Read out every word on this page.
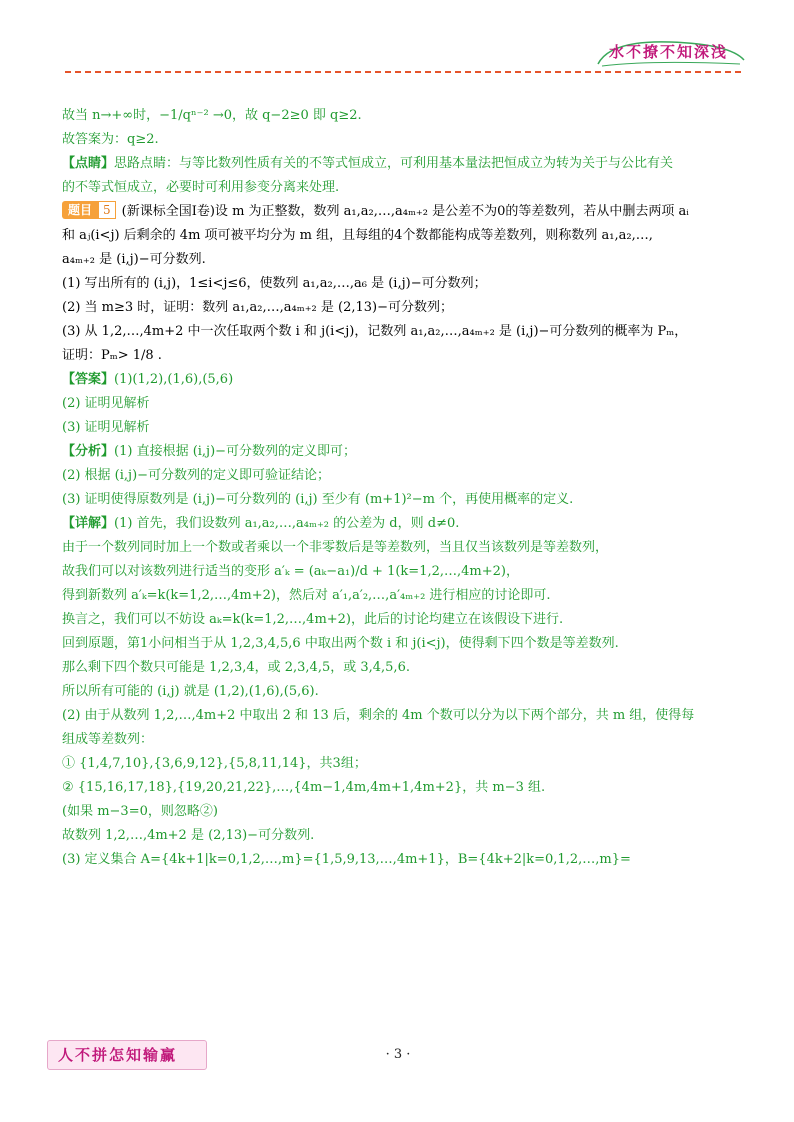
水不撩不知深浅
故当 n→+∞时，−1/qⁿ⁻² →0，故 q−2≥0 即 q≥2.
故答案为：q≥2.
【点睛】思路点睛：与等比数列性质有关的不等式恒成立，可利用基本量法把恒成立为转为关于与公比有关
的不等式恒成立，必要时可利用参变分离来处理.
题目 5 (新课标全国Ⅰ卷)设 m 为正整数，数列 a₁,a₂,…,a₄ₘ₊₂ 是公差不为0的等差数列，若从中删去两项 aᵢ
和 aⱼ(i<j) 后剩余的 4m 项可被平均分为 m 组，且每组的4个数都能构成等差数列，则称数列 a₁,a₂,…,
a₄ₘ₊₂ 是 (i,j)−可分数列.
(1) 写出所有的 (i,j)，1≤i<j≤6，使数列 a₁,a₂,…,a₆ 是 (i,j)−可分数列；
(2) 当 m≥3 时，证明：数列 a₁,a₂,…,a₄ₘ₊₂ 是 (2,13)−可分数列；
(3) 从 1,2,…,4m+2 中一次任取两个数 i 和 j(i<j)，记数列 a₁,a₂,…,a₄ₘ₊₂ 是 (i,j)−可分数列的概率为 Pₘ，
证明：Pₘ> 1/8 .
【答案】(1)(1,2),(1,6),(5,6)
(2) 证明见解析
(3) 证明见解析
【分析】(1) 直接根据 (i,j)−可分数列的定义即可；
(2) 根据 (i,j)−可分数列的定义即可验证结论；
(3) 证明使得原数列是 (i,j)−可分数列的 (i,j) 至少有 (m+1)²−m 个，再使用概率的定义.
【详解】(1) 首先，我们设数列 a₁,a₂,…,a₄ₘ₊₂ 的公差为 d，则 d≠0.
由于一个数列同时加上一个数或者乘以一个非零数后是等差数列，当且仅当该数列是等差数列，
故我们可以对该数列进行适当的变形 a′ₖ = (aₖ−a₁)/d + 1(k=1,2,…,4m+2)，
得到新数列 a′ₖ=k(k=1,2,…,4m+2)，然后对 a′₁,a′₂,…,a′₄ₘ₊₂ 进行相应的讨论即可.
换言之，我们可以不妨设 aₖ=k(k=1,2,…,4m+2)，此后的讨论均建立在该假设下进行.
回到原题，第1小问相当于从 1,2,3,4,5,6 中取出两个数 i 和 j(i<j)，使得剩下四个数是等差数列.
那么剩下四个数只可能是 1,2,3,4，或 2,3,4,5，或 3,4,5,6.
所以所有可能的 (i,j) 就是 (1,2),(1,6),(5,6).
(2) 由于从数列 1,2,…,4m+2 中取出 2 和 13 后，剩余的 4m 个数可以分为以下两个部分，共 m 组，使得每
组成等差数列：
① {1,4,7,10},{3,6,9,12},{5,8,11,14}，共3组；
② {15,16,17,18},{19,20,21,22},…,{4m−1,4m,4m+1,4m+2}，共 m−3 组.
(如果 m−3=0，则忽略②)
故数列 1,2,…,4m+2 是 (2,13)−可分数列.
(3) 定义集合 A={4k+1|k=0,1,2,…,m}={1,5,9,13,…,4m+1}，B={4k+2|k=0,1,2,…,m}=
人不拼怎知输赢	· 3 ·
